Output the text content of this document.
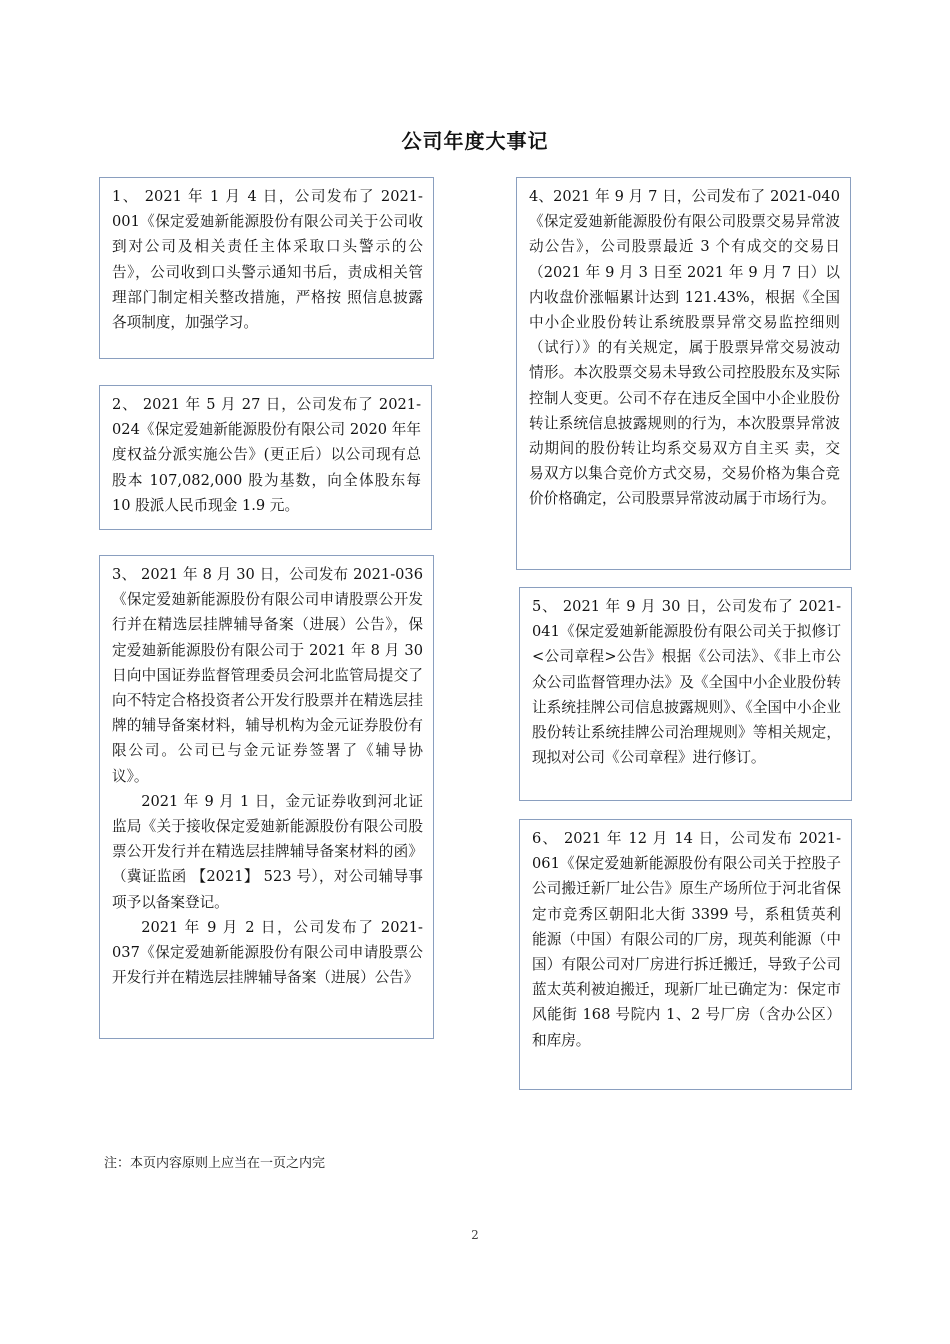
公司年度大事记

1、 2021 年 1 月 4 日，公司发布了 2021-001《保定爱廸新能源股份有限公司关于公司收到对公司及相关责任主体采取口头警示的公告》，公司收到口头警示通知书后，责成相关管理部门制定相关整改措施，严格按 照信息披露各项制度，加强学习。

2、 2021 年 5 月 27 日，公司发布了 2021-024《保定爱廸新能源股份有限公司 2020 年年度权益分派实施公告》(更正后）以公司现有总股本 107,082,000 股为基数，向全体股东每 10 股派人民币现金 1.9 元。

3、 2021 年 8 月 30 日，公司发布 2021-036《保定爱廸新能源股份有限公司申请股票公开发行并在精选层挂牌辅导备案（进展）公告》，保定爱廸新能源股份有限公司于 2021 年 8 月 30 日向中国证券监督管理委员会河北监管局提交了向不特定合格投资者公开发行股票并在精选层挂牌的辅导备案材料，辅导机构为金元证券股份有限公司。公司已与金元证券签署了《辅导协议》。

2021 年 9 月 1 日，金元证券收到河北证监局《关于接收保定爱廸新能源股份有限公司股票公开发行并在精选层挂牌辅导备案材料的函》（冀证监函 【2021】 523 号），对公司辅导事项予以备案登记。

2021 年 9 月 2 日，公司发布了 2021-037《保定爱廸新能源股份有限公司申请股票公开发行并在精选层挂牌辅导备案（进展）公告》

4、2021 年 9 月 7 日，公司发布了 2021-040《保定爱廸新能源股份有限公司股票交易异常波动公告》，公司股票最近 3 个有成交的交易日（2021 年 9 月 3 日至 2021 年 9 月 7 日）以内收盘价涨幅累计达到 121.43%，根据《全国中小企业股份转让系统股票异常交易监控细则（试行）》的有关规定，属于股票异常交易波动情形。本次股票交易未导致公司控股股东及实际控制人变更。公司不存在违反全国中小企业股份转让系统信息披露规则的行为，本次股票异常波动期间的股份转让均系交易双方自主买 卖，交易双方以集合竞价方式交易，交易价格为集合竞价价格确定，公司股票异常波动属于市场行为。

5、 2021 年 9 月 30 日，公司发布了 2021-041《保定爱廸新能源股份有限公司关于拟修订<公司章程>公告》根据《公司法》、《非上市公众公司监督管理办法》及《全国中小企业股份转让系统挂牌公司信息披露规则》、《全国中小企业股份转让系统挂牌公司治理规则》等相关规定，现拟对公司《公司章程》进行修订。

6、 2021 年 12 月 14 日，公司发布 2021-061《保定爱廸新能源股份有限公司关于控股子公司搬迁新厂址公告》原生产场所位于河北省保定市竞秀区朝阳北大街 3399 号，系租赁英利能源（中国）有限公司的厂房，现英利能源（中国）有限公司对厂房进行拆迁搬迁，导致子公司蓝太英利被迫搬迁，现新厂址已确定为：保定市风能街 168 号院内 1、2 号厂房（含办公区）和库房。

注：本页内容原则上应当在一页之内完
2
